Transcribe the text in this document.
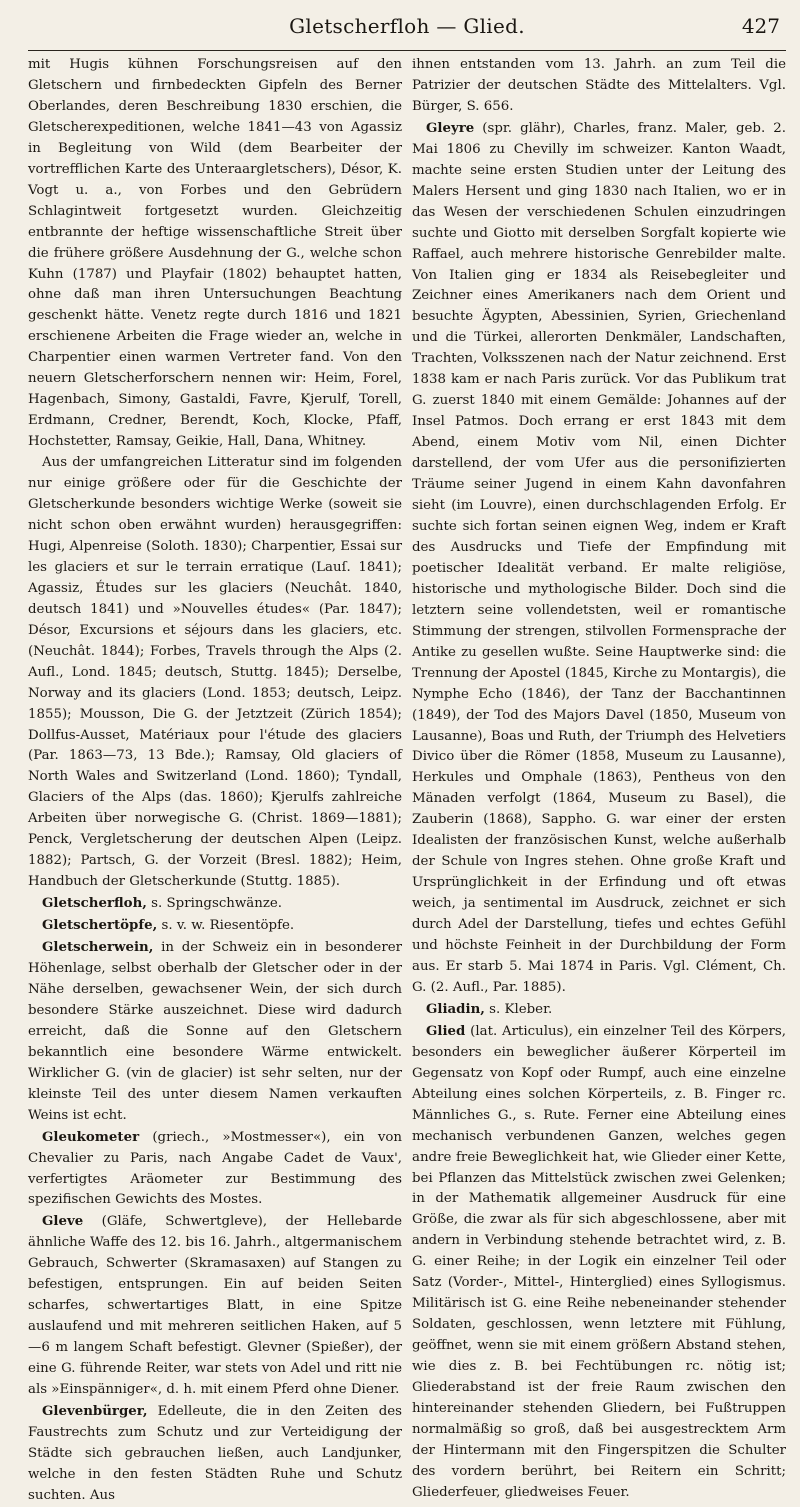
Gletscherfloh — Glied.	427

mit Hugis kühnen Forschungsreisen auf den Gletschern und firnbedeckten Gipfeln des Berner Oberlandes, deren Beschreibung 1830 erschien, die Gletscherexpeditionen, welche 1841—43 von Agassiz in Begleitung von Wild (dem Bearbeiter der vortrefflichen Karte des Unteraargletschers), Désor, K. Vogt u. a., von Forbes und den Gebrüdern Schlagintweit fortgesetzt wurden. Gleichzeitig entbrannte der heftige wissenschaftliche Streit über die frühere größere Ausdehnung der G., welche schon Kuhn (1787) und Playfair (1802) behauptet hatten, ohne daß man ihren Untersuchungen Beachtung geschenkt hätte. Venetz regte durch 1816 und 1821 erschienene Arbeiten die Frage wieder an, welche in Charpentier einen warmen Vertreter fand. Von den neuern Gletscherforschern nennen wir: Heim, Forel, Hagenbach, Simony, Gastaldi, Favre, Kjerulf, Torell, Erdmann, Credner, Berendt, Koch, Klocke, Pfaff, Hochstetter, Ramsay, Geikie, Hall, Dana, Whitney.

Aus der umfangreichen Litteratur sind im folgenden nur einige größere oder für die Geschichte der Gletscherkunde besonders wichtige Werke (soweit sie nicht schon oben erwähnt wurden) herausgegriffen: Hugi, Alpenreise (Soloth. 1830); Charpentier, Essai sur les glaciers et sur le terrain erratique (Lauſ. 1841); Agassiz, Études sur les glaciers (Neuchât. 1840, deutsch 1841) und »Nouvelles études« (Par. 1847); Désor, Excursions et séjours dans les glaciers, etc. (Neuchât. 1844); Forbes, Travels through the Alps (2. Aufl., Lond. 1845; deutsch, Stuttg. 1845); Derselbe, Norway and its glaciers (Lond. 1853; deutsch, Leipz. 1855); Mousson, Die G. der Jetztzeit (Zürich 1854); Dollfus-Ausset, Matériaux pour l'étude des glaciers (Par. 1863—73, 13 Bde.); Ramsay, Old glaciers of North Wales and Switzerland (Lond. 1860); Tyndall, Glaciers of the Alps (das. 1860); Kjerulfs zahlreiche Arbeiten über norwegische G. (Christ. 1869—1881); Penck, Vergletscherung der deutschen Alpen (Leipz. 1882); Partsch, G. der Vorzeit (Bresl. 1882); Heim, Handbuch der Gletscherkunde (Stuttg. 1885).

Gletscherfloh, s. Springschwänze.

Gletschertöpfe, s. v. w. Riesentöpfe.

Gletscherwein, in der Schweiz ein in besonderer Höhenlage, selbst oberhalb der Gletscher oder in der Nähe derselben, gewachsener Wein, der sich durch besondere Stärke auszeichnet. Diese wird dadurch erreicht, daß die Sonne auf den Gletschern bekanntlich eine besondere Wärme entwickelt. Wirklicher G. (vin de glacier) ist sehr selten, nur der kleinste Teil des unter diesem Namen verkauften Weins ist echt.

Gleukometer (griech., »Mostmesser«), ein von Chevalier zu Paris, nach Angabe Cadet de Vaux', verfertigtes Aräometer zur Bestimmung des spezifischen Gewichts des Mostes.

Gleve (Gläfe, Schwertgleve), der Hellebarde ähnliche Waffe des 12. bis 16. Jahrh., altgermanischem Gebrauch, Schwerter (Skramasaxen) auf Stangen zu befestigen, entsprungen. Ein auf beiden Seiten scharfes, schwertartiges Blatt, in eine Spitze auslaufend und mit mehreren seitlichen Haken, auf 5—6 m langem Schaft befestigt. Glevner (Spießer), der eine G. führende Reiter, war stets von Adel und ritt nie als »Einspänniger«, d. h. mit einem Pferd ohne Diener.

Glevenbürger, Edelleute, die in den Zeiten des Faustrechts zum Schutz und zur Verteidigung der Städte sich gebrauchen ließen, auch Landjunker, welche in den festen Städten Ruhe und Schutz suchten. Aus

ihnen entstanden vom 13. Jahrh. an zum Teil die Patrizier der deutschen Städte des Mittelalters. Vgl. Bürger, S. 656.

Gleyre (spr. glähr), Charles, franz. Maler, geb. 2. Mai 1806 zu Chevilly im schweizer. Kanton Waadt, machte seine ersten Studien unter der Leitung des Malers Hersent und ging 1830 nach Italien, wo er in das Wesen der verschiedenen Schulen einzudringen suchte und Giotto mit derselben Sorgfalt kopierte wie Raffael, auch mehrere historische Genrebilder malte. Von Italien ging er 1834 als Reisebegleiter und Zeichner eines Amerikaners nach dem Orient und besuchte Ägypten, Abessinien, Syrien, Griechenland und die Türkei, allerorten Denkmäler, Landschaften, Trachten, Volksszenen nach der Natur zeichnend. Erst 1838 kam er nach Paris zurück. Vor das Publikum trat G. zuerst 1840 mit einem Gemälde: Johannes auf der Insel Patmos. Doch errang er erst 1843 mit dem Abend, einem Motiv vom Nil, einen Dichter darstellend, der vom Ufer aus die personifizierten Träume seiner Jugend in einem Kahn davonfahren sieht (im Louvre), einen durchschlagenden Erfolg. Er suchte sich fortan seinen eignen Weg, indem er Kraft des Ausdrucks und Tiefe der Empfindung mit poetischer Idealität verband. Er malte religiöse, historische und mythologische Bilder. Doch sind die letztern seine vollendetsten, weil er romantische Stimmung der strengen, stilvollen Formensprache der Antike zu gesellen wußte. Seine Hauptwerke sind: die Trennung der Apostel (1845, Kirche zu Montargis), die Nymphe Echo (1846), der Tanz der Bacchantinnen (1849), der Tod des Majors Davel (1850, Museum von Lausanne), Boas und Ruth, der Triumph des Helvetiers Divico über die Römer (1858, Museum zu Lausanne), Herkules und Omphale (1863), Pentheus von den Mänaden verfolgt (1864, Museum zu Basel), die Zauberin (1868), Sappho. G. war einer der ersten Idealisten der französischen Kunst, welche außerhalb der Schule von Ingres stehen. Ohne große Kraft und Ursprünglichkeit in der Erfindung und oft etwas weich, ja sentimental im Ausdruck, zeichnet er sich durch Adel der Darstellung, tiefes und echtes Gefühl und höchste Feinheit in der Durchbildung der Form aus. Er starb 5. Mai 1874 in Paris. Vgl. Clément, Ch. G. (2. Aufl., Par. 1885).

Gliadin, s. Kleber.

Glied (lat. Articulus), ein einzelner Teil des Körpers, besonders ein beweglicher äußerer Körperteil im Gegensatz von Kopf oder Rumpf, auch eine einzelne Abteilung eines solchen Körperteils, z. B. Finger rc. Männliches G., s. Rute. Ferner eine Abteilung eines mechanisch verbundenen Ganzen, welches gegen andre freie Beweglichkeit hat, wie Glieder einer Kette, bei Pflanzen das Mittelstück zwischen zwei Gelenken; in der Mathematik allgemeiner Ausdruck für eine Größe, die zwar als für sich abgeschlossene, aber mit andern in Verbindung stehende betrachtet wird, z. B. G. einer Reihe; in der Logik ein einzelner Teil oder Satz (Vorder-, Mittel-, Hinterglied) eines Syllogismus. Militärisch ist G. eine Reihe nebeneinander stehender Soldaten, geschlossen, wenn letztere mit Fühlung, geöffnet, wenn sie mit einem größern Abstand stehen, wie dies z. B. bei Fechtübungen rc. nötig ist; Gliederabstand ist der freie Raum zwischen den hintereinander stehenden Gliedern, bei Fußtruppen normalmäßig so groß, daß bei ausgestrecktem Arm der Hintermann mit den Fingerspitzen die Schulter des vordern berührt, bei Reitern ein Schritt; Gliederfeuer, gliedweises Feuer.
